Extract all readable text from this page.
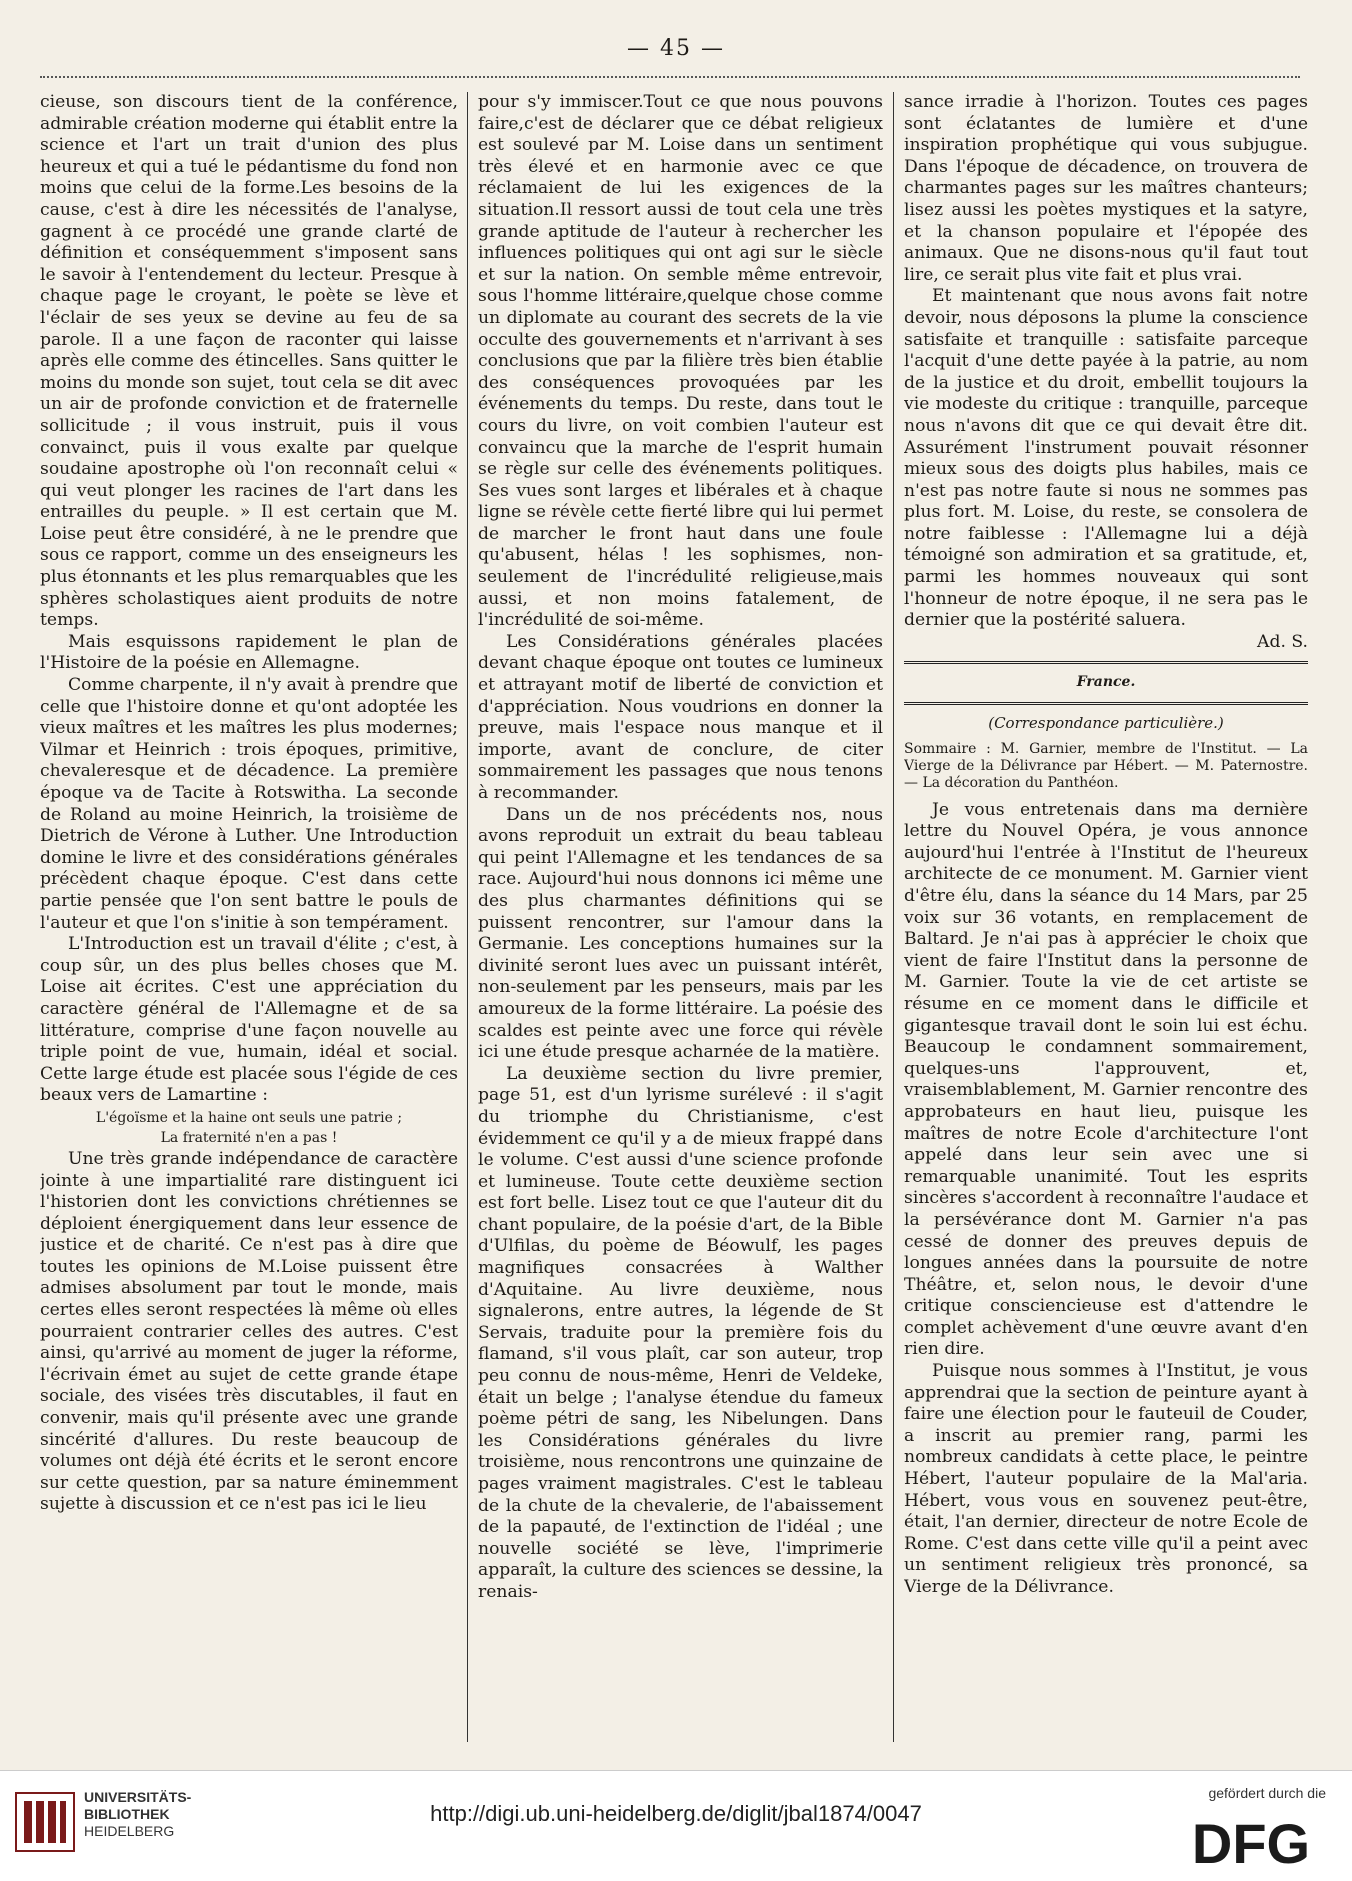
— 45 —

cieuse, son discours tient de la conférence, admirable création moderne qui établit entre la science et l'art un trait d'union des plus heureux et qui a tué le pédantisme du fond non moins que celui de la forme.Les besoins de la cause, c'est à dire les nécessités de l'analyse, gagnent à ce procédé une grande clarté de définition et conséquemment s'imposent sans le savoir à l'entendement du lecteur. Presque à chaque page le croyant, le poète se lève et l'éclair de ses yeux se devine au feu de sa parole. Il a une façon de raconter qui laisse après elle comme des étincelles. Sans quitter le moins du monde son sujet, tout cela se dit avec un air de profonde conviction et de fraternelle sollicitude ; il vous instruit, puis il vous convainct, puis il vous exalte par quelque soudaine apostrophe où l'on reconnaît celui « qui veut plonger les racines de l'art dans les entrailles du peuple. » Il est certain que M. Loise peut être considéré, à ne le prendre que sous ce rapport, comme un des enseigneurs les plus étonnants et les plus remarquables que les sphères scholastiques aient produits de notre temps.

Mais esquissons rapidement le plan de l'Histoire de la poésie en Allemagne.

Comme charpente, il n'y avait à prendre que celle que l'histoire donne et qu'ont adoptée les vieux maîtres et les maîtres les plus modernes; Vilmar et Heinrich : trois époques, primitive, chevaleresque et de décadence. La première époque va de Tacite à Rotswitha. La seconde de Roland au moine Heinrich, la troisième de Dietrich de Vérone à Luther. Une Introduction domine le livre et des considérations générales précèdent chaque époque. C'est dans cette partie pensée que l'on sent battre le pouls de l'auteur et que l'on s'initie à son tempérament.

L'Introduction est un travail d'élite ; c'est, à coup sûr, un des plus belles choses que M. Loise ait écrites. C'est une appréciation du caractère général de l'Allemagne et de sa littérature, comprise d'une façon nouvelle au triple point de vue, humain, idéal et social. Cette large étude est placée sous l'égide de ces beaux vers de Lamartine :

L'égoïsme et la haine ont seuls une patrie ;

La fraternité n'en a pas !

Une très grande indépendance de caractère jointe à une impartialité rare distinguent ici l'historien dont les convictions chrétiennes se déploient énergiquement dans leur essence de justice et de charité. Ce n'est pas à dire que toutes les opinions de M.Loise puissent être admises absolument par tout le monde, mais certes elles seront respectées là même où elles pourraient contrarier celles des autres. C'est ainsi, qu'arrivé au moment de juger la réforme, l'écrivain émet au sujet de cette grande étape sociale, des visées très discutables, il faut en convenir, mais qu'il présente avec une grande sincérité d'allures. Du reste beaucoup de volumes ont déjà été écrits et le seront encore sur cette question, par sa nature éminemment sujette à discussion et ce n'est pas ici le lieu

pour s'y immiscer.Tout ce que nous pouvons faire,c'est de déclarer que ce débat religieux est soulevé par M. Loise dans un sentiment très élevé et en harmonie avec ce que réclamaient de lui les exigences de la situation.Il ressort aussi de tout cela une très grande aptitude de l'auteur à rechercher les influences politiques qui ont agi sur le siècle et sur la nation. On semble même entrevoir, sous l'homme littéraire,quelque chose comme un diplomate au courant des secrets de la vie occulte des gouvernements et n'arrivant à ses conclusions que par la filière très bien établie des conséquences provoquées par les événements du temps. Du reste, dans tout le cours du livre, on voit combien l'auteur est convaincu que la marche de l'esprit humain se règle sur celle des événements politiques. Ses vues sont larges et libérales et à chaque ligne se révèle cette fierté libre qui lui permet de marcher le front haut dans une foule qu'abusent, hélas ! les sophismes, non-seulement de l'incrédulité religieuse,mais aussi, et non moins fatalement, de l'incrédulité de soi-même.

Les Considérations générales placées devant chaque époque ont toutes ce lumineux et attrayant motif de liberté de conviction et d'appréciation. Nous voudrions en donner la preuve, mais l'espace nous manque et il importe, avant de conclure, de citer sommairement les passages que nous tenons à recommander.

Dans un de nos précédents nos, nous avons reproduit un extrait du beau tableau qui peint l'Allemagne et les tendances de sa race. Aujourd'hui nous donnons ici même une des plus charmantes définitions qui se puissent rencontrer, sur l'amour dans la Germanie. Les conceptions humaines sur la divinité seront lues avec un puissant intérêt, non-seulement par les penseurs, mais par les amoureux de la forme littéraire. La poésie des scaldes est peinte avec une force qui révèle ici une étude presque acharnée de la matière.

La deuxième section du livre premier, page 51, est d'un lyrisme surélevé : il s'agit du triomphe du Christianisme, c'est évidemment ce qu'il y a de mieux frappé dans le volume. C'est aussi d'une science profonde et lumineuse. Toute cette deuxième section est fort belle. Lisez tout ce que l'auteur dit du chant populaire, de la poésie d'art, de la Bible d'Ulfilas, du poème de Béowulf, les pages magnifiques consacrées à Walther d'Aquitaine. Au livre deuxième, nous signalerons, entre autres, la légende de St Servais, traduite pour la première fois du flamand, s'il vous plaît, car son auteur, trop peu connu de nous-même, Henri de Veldeke, était un belge ; l'analyse étendue du fameux poème pétri de sang, les Nibelungen. Dans les Considérations générales du livre troisième, nous rencontrons une quinzaine de pages vraiment magistrales. C'est le tableau de la chute de la chevalerie, de l'abaissement de la papauté, de l'extinction de l'idéal ; une nouvelle société se lève, l'imprimerie apparaît, la culture des sciences se dessine, la renais-

sance irradie à l'horizon. Toutes ces pages sont éclatantes de lumière et d'une inspiration prophétique qui vous subjugue. Dans l'époque de décadence, on trouvera de charmantes pages sur les maîtres chanteurs; lisez aussi les poètes mystiques et la satyre, et la chanson populaire et l'épopée des animaux. Que ne disons-nous qu'il faut tout lire, ce serait plus vite fait et plus vrai.

Et maintenant que nous avons fait notre devoir, nous déposons la plume la conscience satisfaite et tranquille : satisfaite parceque l'acquit d'une dette payée à la patrie, au nom de la justice et du droit, embellit toujours la vie modeste du critique : tranquille, parceque nous n'avons dit que ce qui devait être dit. Assurément l'instrument pouvait résonner mieux sous des doigts plus habiles, mais ce n'est pas notre faute si nous ne sommes pas plus fort. M. Loise, du reste, se consolera de notre faiblesse : l'Allemagne lui a déjà témoigné son admiration et sa gratitude, et, parmi les hommes nouveaux qui sont l'honneur de notre époque, il ne sera pas le dernier que la postérité saluera.

Ad. S.

France.

(Correspondance particulière.)

Sommaire : M. Garnier, membre de l'Institut. — La Vierge de la Délivrance par Hébert. — M. Paternostre. — La décoration du Panthéon.

Je vous entretenais dans ma dernière lettre du Nouvel Opéra, je vous annonce aujourd'hui l'entrée à l'Institut de l'heureux architecte de ce monument. M. Garnier vient d'être élu, dans la séance du 14 Mars, par 25 voix sur 36 votants, en remplacement de Baltard. Je n'ai pas à apprécier le choix que vient de faire l'Institut dans la personne de M. Garnier. Toute la vie de cet artiste se résume en ce moment dans le difficile et gigantesque travail dont le soin lui est échu. Beaucoup le condamnent sommairement, quelques-uns l'approuvent, et, vraisemblablement, M. Garnier rencontre des approbateurs en haut lieu, puisque les maîtres de notre Ecole d'architecture l'ont appelé dans leur sein avec une si remarquable unanimité. Tout les esprits sincères s'accordent à reconnaître l'audace et la persévérance dont M. Garnier n'a pas cessé de donner des preuves depuis de longues années dans la poursuite de notre Théâtre, et, selon nous, le devoir d'une critique consciencieuse est d'attendre le complet achèvement d'une œuvre avant d'en rien dire.

Puisque nous sommes à l'Institut, je vous apprendrai que la section de peinture ayant à faire une élection pour le fauteuil de Couder, a inscrit au premier rang, parmi les nombreux candidats à cette place, le peintre Hébert, l'auteur populaire de la Mal'aria. Hébert, vous vous en souvenez peut-être, était, l'an dernier, directeur de notre Ecole de Rome. C'est dans cette ville qu'il a peint avec un sentiment religieux très prononcé, sa Vierge de la Délivrance.

UNIVERSITÄTS-
BIBLIOTHEK
HEIDELBERG
http://digi.ub.uni-heidelberg.de/diglit/jbal1874/0047
gefördert durch die
DFG
